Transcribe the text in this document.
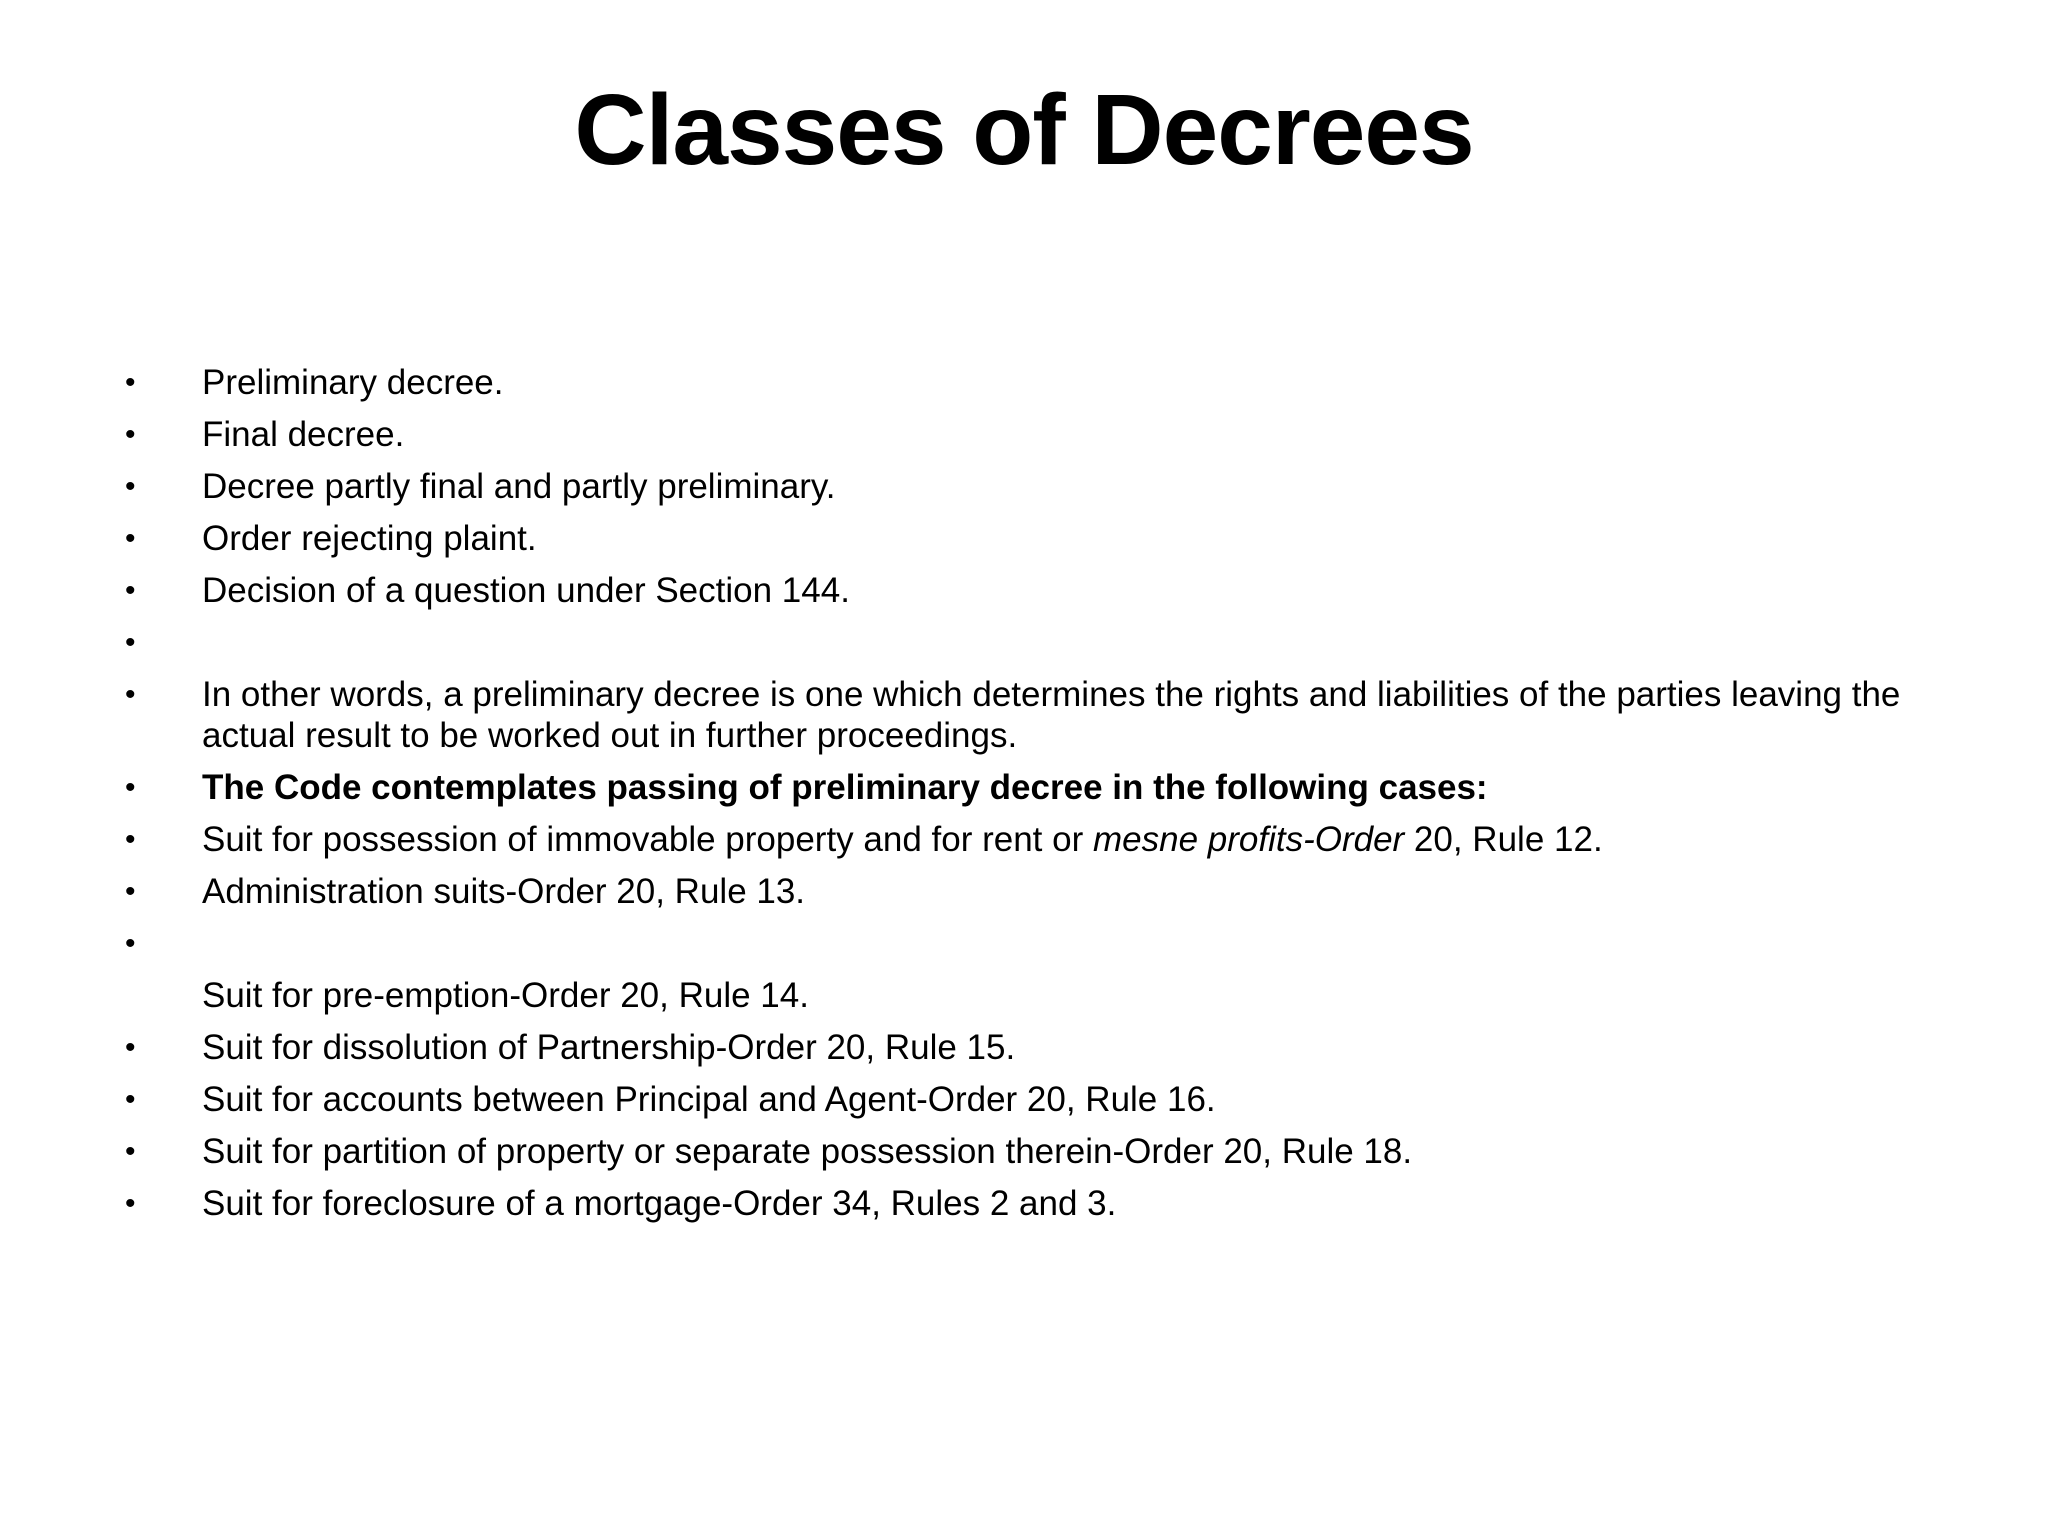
Classes of Decrees
•	Preliminary decree.
•	Final decree.
•	Decree partly final and partly preliminary.
•	Order rejecting plaint.
•	Decision of a question under Section 144.
•
•	In other words, a preliminary decree is one which determines the rights and liabilities of the parties leaving the actual result to be worked out in further proceedings.
•	The Code contemplates passing of preliminary decree in the following cases:
•	Suit for possession of immovable property and for rent or mesne profits-Order 20, Rule 12.
•	Administration suits-Order 20, Rule 13.
•
Suit for pre-emption-Order 20, Rule 14.
•	Suit for dissolution of Partnership-Order 20, Rule 15.
•	Suit for accounts between Principal and Agent-Order 20, Rule 16.
•	Suit for partition of property or separate possession therein-Order 20, Rule 18.
•	Suit for foreclosure of a mortgage-Order 34, Rules 2 and 3.
